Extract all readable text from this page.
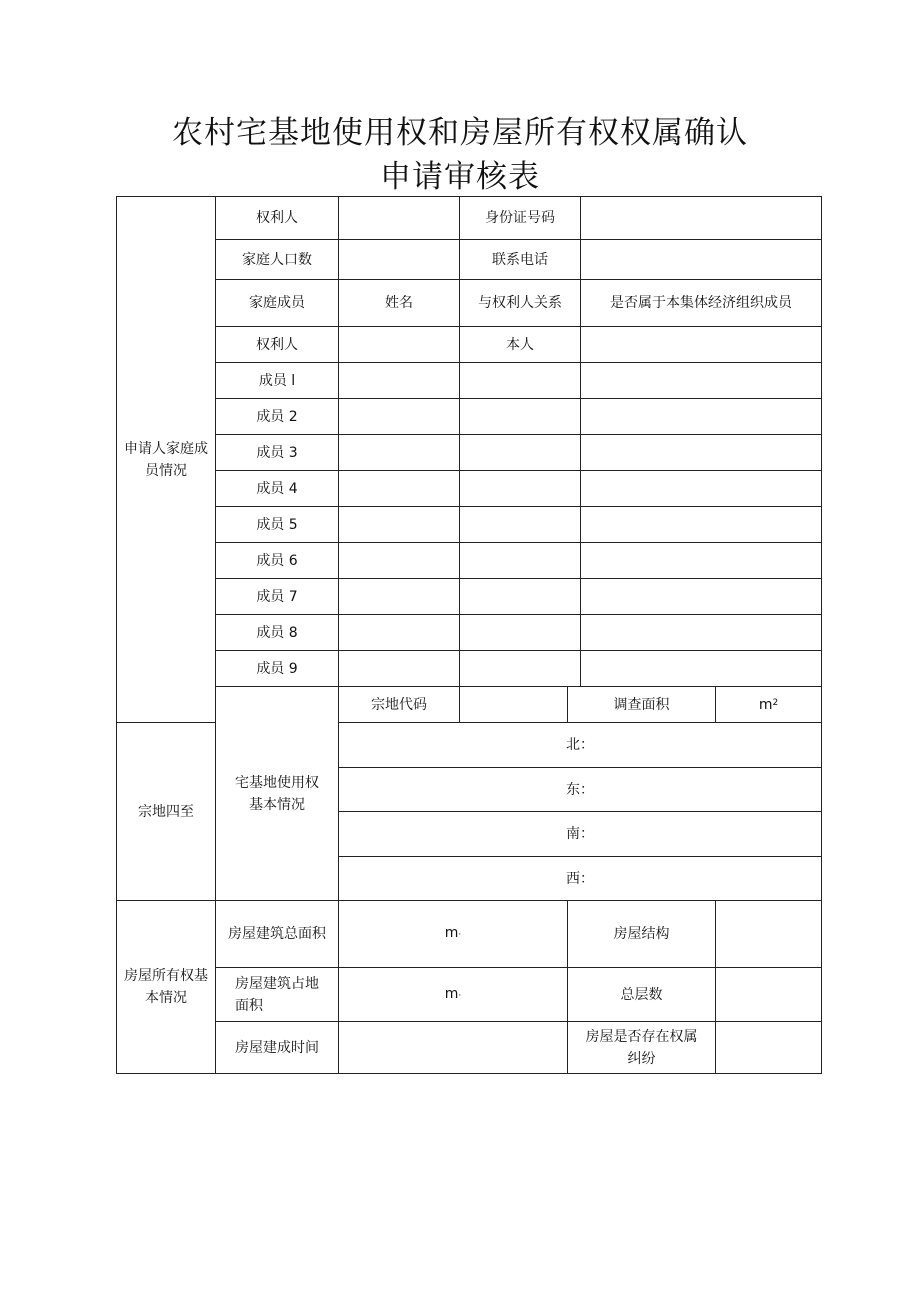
农村宅基地使用权和房屋所有权权属确认
申请审核表
申请人家庭成
员情况	权利人		身份证号码			
	家庭人口数		联系电话			
	家庭成员	姓名	与权利人关系		是否属于本集体经济组织成员	
	权利人		本人			
	成员 l					
	成员 2					
	成员 3					
	成员 4					
	成员 5					
	成员 6					
	成员 7					
	成员 8					
	成员 9					
	宅基地使用权
基本情况	宗地代码		调查面积		$m^2$
宗地四至		北：				
		东：				
		南：				
		西：				
房屋所有权基
本情况	房屋建筑总面积	m·		房屋结构		
	房屋建筑占地
面积	m·		总层数		
	房屋建成时间			房屋是否存在权属
纠纷		
